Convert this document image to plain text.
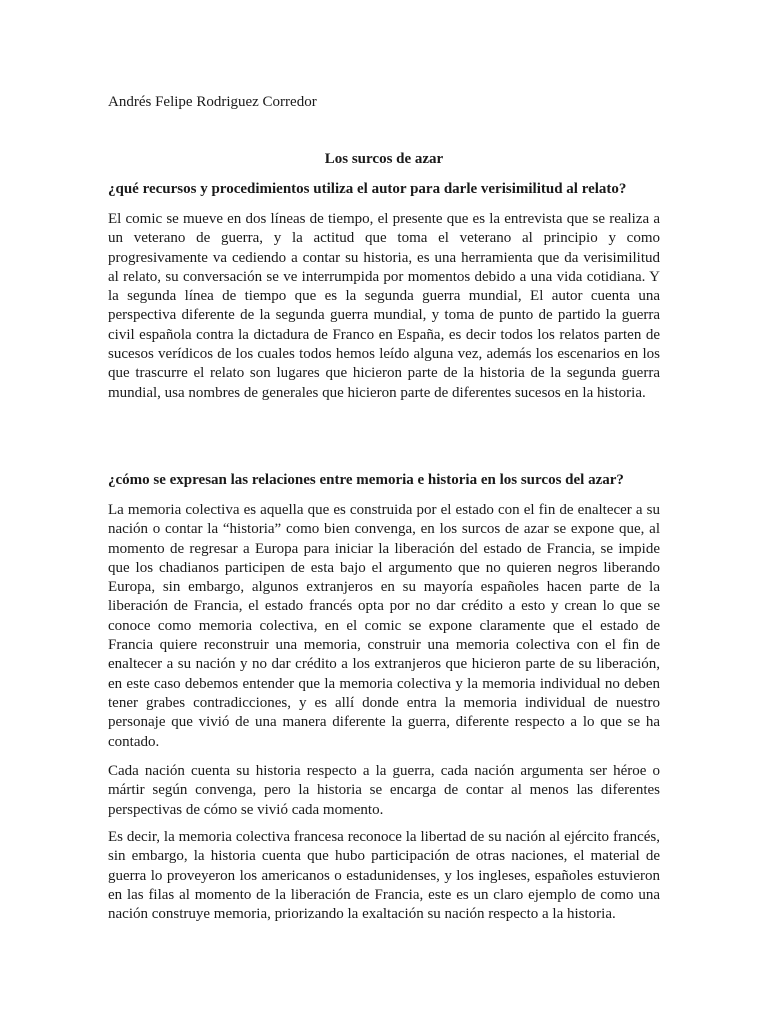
Andrés Felipe Rodriguez Corredor

Los surcos de azar

¿qué recursos y procedimientos utiliza el autor para darle verisimilitud al relato?

El comic se mueve en dos líneas de tiempo, el presente que es la entrevista que se realiza a un veterano de guerra, y la actitud que toma el veterano al principio y como progresivamente va cediendo a contar su historia, es una herramienta que da verisimilitud al relato, su conversación se ve interrumpida por momentos debido a una vida cotidiana. Y la segunda línea de tiempo que es la segunda guerra mundial, El autor cuenta una perspectiva diferente de la segunda guerra mundial, y toma de punto de partido la guerra civil española contra la dictadura de Franco en España, es decir todos los relatos parten de sucesos verídicos de los cuales todos hemos leído alguna vez, además los escenarios en los que trascurre el relato son lugares que hicieron parte de la historia de la segunda guerra mundial, usa nombres de generales que hicieron parte de diferentes sucesos en la historia.

¿cómo se expresan las relaciones entre memoria e historia en los surcos del azar?

La memoria colectiva es aquella que es construida por el estado con el fin de enaltecer a su nación o contar la “historia” como bien convenga, en los surcos de azar se expone que, al momento de regresar a Europa para iniciar la liberación del estado de Francia, se impide que los chadianos participen de esta bajo el argumento que no quieren negros liberando Europa, sin embargo, algunos extranjeros en su mayoría españoles hacen parte de la liberación de Francia, el estado francés opta por no dar crédito a esto y crean lo que se conoce como memoria colectiva, en el comic se expone claramente que el estado de Francia quiere reconstruir una memoria, construir una memoria colectiva con el fin de enaltecer a su nación y no dar crédito a los extranjeros que hicieron parte de su liberación, en este caso debemos entender que la memoria colectiva y la memoria individual no deben tener grabes contradicciones, y es allí donde entra la memoria individual de nuestro personaje que vivió de una manera diferente la guerra, diferente respecto a lo que se ha contado.

Cada nación cuenta su historia respecto a la guerra, cada nación argumenta ser héroe o mártir según convenga, pero la historia se encarga de contar al menos las diferentes perspectivas de cómo se vivió cada momento.

Es decir, la memoria colectiva francesa reconoce la libertad de su nación al ejército francés, sin embargo, la historia cuenta que hubo participación de otras naciones, el material de guerra lo proveyeron los americanos o estadunidenses, y los ingleses, españoles estuvieron en las filas al momento de la liberación de Francia, este es un claro ejemplo de como una nación construye memoria, priorizando la exaltación su nación respecto a la historia.
